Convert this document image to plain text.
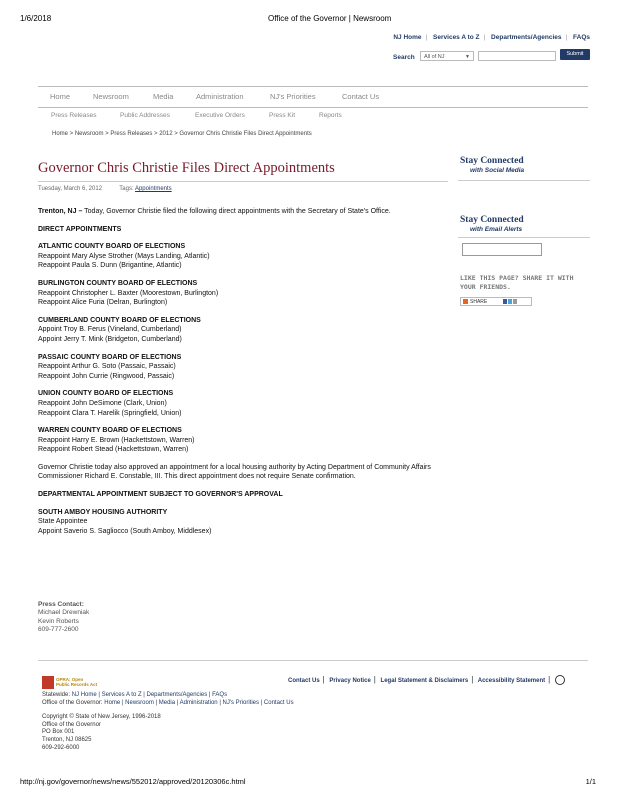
1/6/2018	Office of the Governor | Newsroom
NJ Home | Services A to Z | Departments/Agencies | FAQs
Search	All of NJ	▼	Submit
Home	Newsroom	Media	Administration	NJ's Priorities	Contact Us
Press Releases	Public Addresses	Executive Orders	Press Kit	Reports
Home > Newsroom > Press Releases > 2012 > Governor Chris Christie Files Direct Appointments
Governor Chris Christie Files Direct Appointments
Tuesday, March 6, 2012	Tags: Appointments

Trenton, NJ – Today, Governor Christie filed the following direct appointments with the Secretary of State's Office.

DIRECT APPOINTMENTS

ATLANTIC COUNTY BOARD OF ELECTIONS

Reappoint Mary Alyse Strother (Mays Landing, Atlantic)

Reappoint Paula S. Dunn (Brigantine, Atlantic)

BURLINGTON COUNTY BOARD OF ELECTIONS

Reappoint Christopher L. Baxter (Moorestown, Burlington)

Reappoint Alice Furia (Delran, Burlington)

CUMBERLAND COUNTY BOARD OF ELECTIONS

Appoint Troy B. Ferus (Vineland, Cumberland)

Appoint Jerry T. Mink (Bridgeton, Cumberland)

PASSAIC COUNTY BOARD OF ELECTIONS

Reappoint Arthur G. Soto (Passaic, Passaic)

Reappoint John Currie (Ringwood, Passaic)

UNION COUNTY BOARD OF ELECTIONS

Reappoint John DeSimone (Clark, Union)

Reappoint Clara T. Harelik (Springfield, Union)

WARREN COUNTY BOARD OF ELECTIONS

Reappoint Harry E. Brown (Hackettstown, Warren)

Reappoint Robert Stead (Hackettstown, Warren)

Governor Christie today also approved an appointment for a local housing authority by Acting Department of Community Affairs Commissioner Richard E. Constable, III. This direct appointment does not require Senate confirmation.

DEPARTMENTAL APPOINTMENT SUBJECT TO GOVERNOR'S APPROVAL

SOUTH AMBOY HOUSING AUTHORITY

State Appointee

Appoint Saverio S. Sagliocco (South Amboy, Middlesex)

Press Contact:
Michael Drewniak
Kevin Roberts
609-777-2600
Stay Connected
with Social Media
Stay Connected
with Email Alerts
LIKE THIS PAGE? SHARE IT WITH YOUR FRIENDS.
SHARE
OPRA: Open
Public Records Act
Contact Us | Privacy Notice | Legal Statement & Disclaimers | Accessibility Statement |
Statewide: NJ Home | Services A to Z | Departments/Agencies | FAQs
Office of the Governor: Home | Newsroom | Media | Administration | NJ's Priorities | Contact Us
Copyright © State of New Jersey, 1996-2018
Office of the Governor
PO Box 001
Trenton, NJ 08625
609-292-6000
http://nj.gov/governor/news/news/552012/approved/20120306c.html	1/1
